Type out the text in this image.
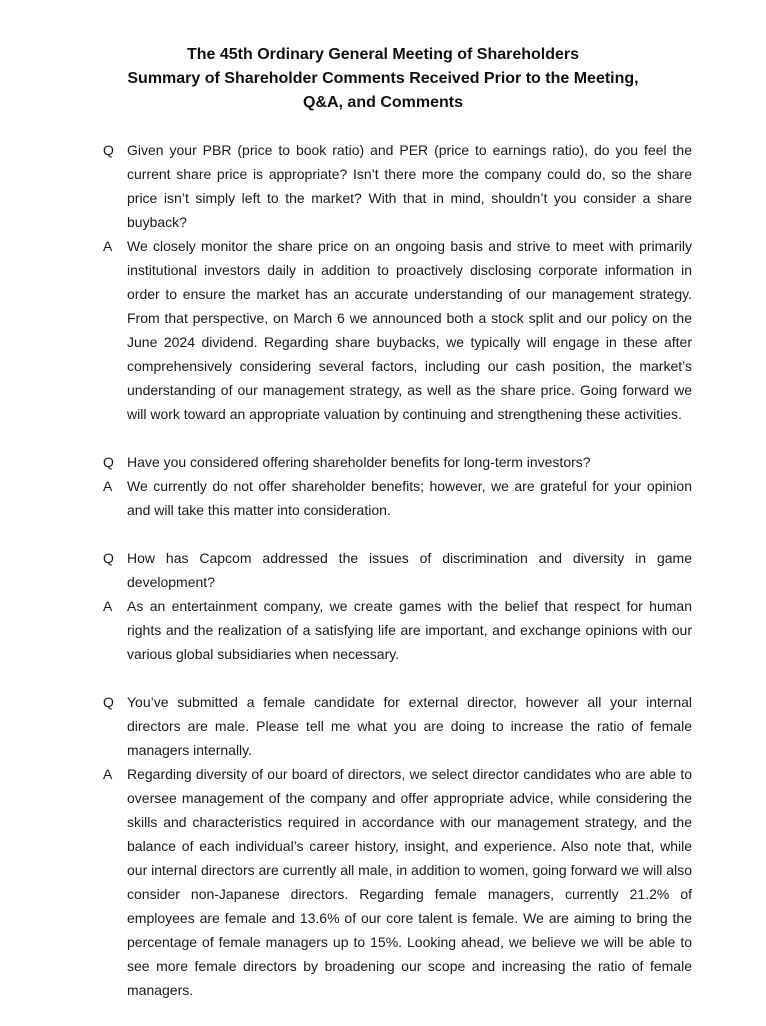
The 45th Ordinary General Meeting of Shareholders
Summary of Shareholder Comments Received Prior to the Meeting,
Q&A, and Comments
Q Given your PBR (price to book ratio) and PER (price to earnings ratio), do you feel the current share price is appropriate? Isn’t there more the company could do, so the share price isn’t simply left to the market? With that in mind, shouldn’t you consider a share buyback?
A	We closely monitor the share price on an ongoing basis and strive to meet with primarily institutional investors daily in addition to proactively disclosing corporate information in order to ensure the market has an accurate understanding of our management strategy. From that perspective, on March 6 we announced both a stock split and our policy on the June 2024 dividend. Regarding share buybacks, we typically will engage in these after comprehensively considering several factors, including our cash position, the market’s understanding of our management strategy, as well as the share price. Going forward we will work toward an appropriate valuation by continuing and strengthening these activities.
Q Have you considered offering shareholder benefits for long-term investors?
A	We currently do not offer shareholder benefits; however, we are grateful for your opinion and will take this matter into consideration.
Q How has Capcom addressed the issues of discrimination and diversity in game development?
A	As an entertainment company, we create games with the belief that respect for human rights and the realization of a satisfying life are important, and exchange opinions with our various global subsidiaries when necessary.
Q You’ve submitted a female candidate for external director, however all your internal directors are male. Please tell me what you are doing to increase the ratio of female managers internally.
A	Regarding diversity of our board of directors, we select director candidates who are able to oversee management of the company and offer appropriate advice, while considering the skills and characteristics required in accordance with our management strategy, and the balance of each individual’s career history, insight, and experience. Also note that, while our internal directors are currently all male, in addition to women, going forward we will also consider non-Japanese directors. Regarding female managers, currently 21.2% of employees are female and 13.6% of our core talent is female. We are aiming to bring the percentage of female managers up to 15%. Looking ahead, we believe we will be able to see more female directors by broadening our scope and increasing the ratio of female managers.
